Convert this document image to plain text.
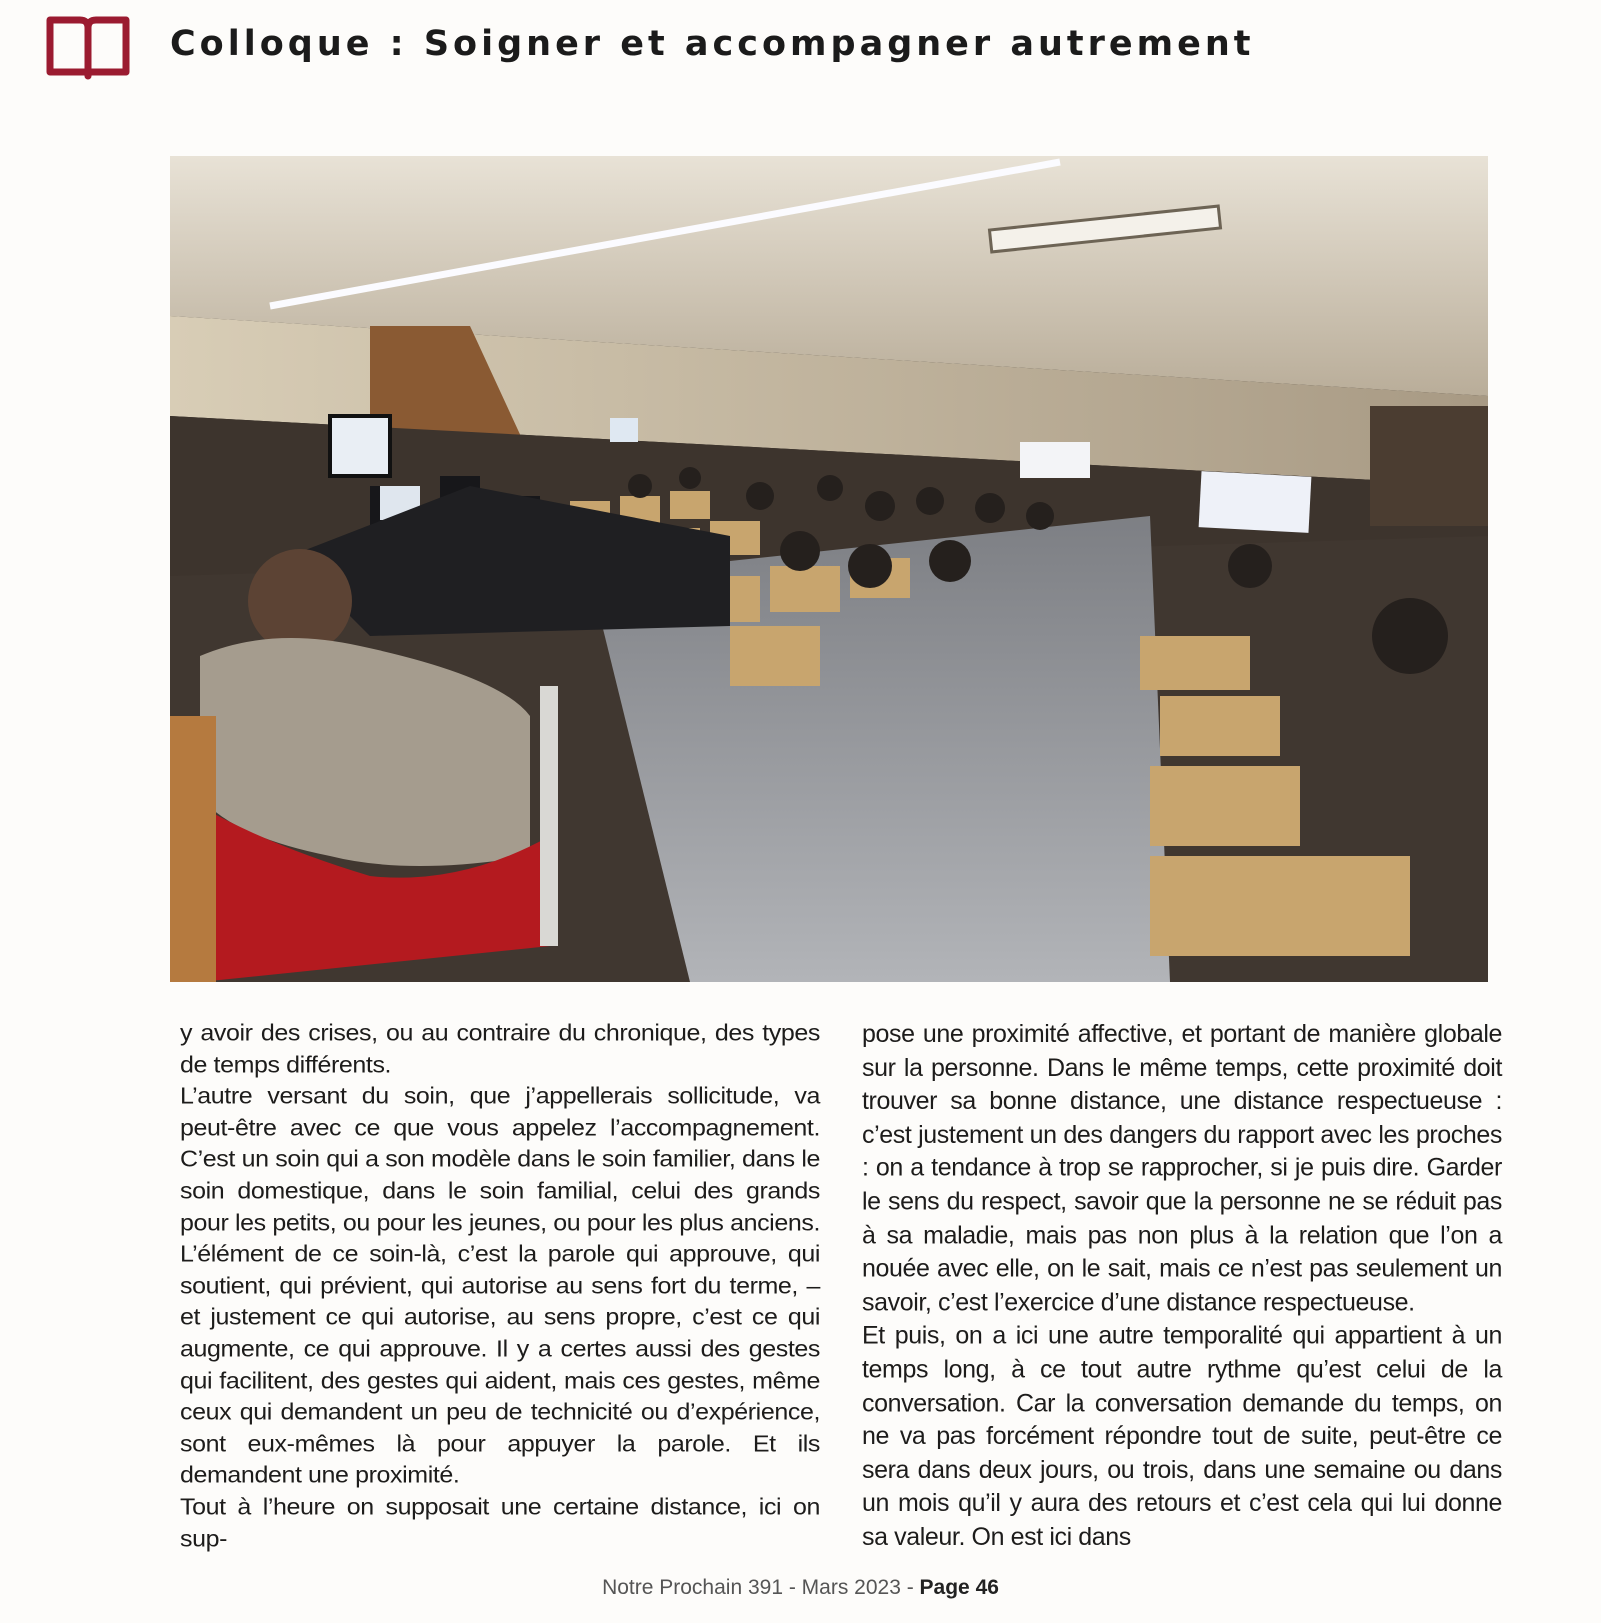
Colloque : Soigner et accompagner autrement

y avoir des crises, ou au contraire du chronique, des types de temps différents.

L’autre versant du soin, que j’appellerais sollicitude, va peut-être avec ce que vous appelez l’accompagnement. C’est un soin qui a son modèle dans le soin familier, dans le soin domestique, dans le soin familial, celui des grands pour les petits, ou pour les jeunes, ou pour les plus anciens. L’élément de ce soin-là, c’est la parole qui approuve, qui soutient, qui prévient, qui autorise au sens fort du terme, – et justement ce qui autorise, au sens propre, c’est ce qui augmente, ce qui approuve. Il y a certes aussi des gestes qui facilitent, des gestes qui aident, mais ces gestes, même ceux qui demandent un peu de technicité ou d’expérience, sont eux-mêmes là pour appuyer la parole. Et ils demandent une proximité.

Tout à l’heure on supposait une certaine distance, ici on sup-

pose une proximité affective, et portant de manière globale sur la personne. Dans le même temps, cette proximité doit trouver sa bonne distance, une distance respectueuse : c’est justement un des dangers du rapport avec les proches : on a tendance à trop se rapprocher, si je puis dire. Garder le sens du respect, savoir que la personne ne se réduit pas à sa maladie, mais pas non plus à la relation que l’on a nouée avec elle, on le sait, mais ce n’est pas seulement un savoir, c’est l’exercice d’une distance respectueuse.

Et puis, on a ici une autre temporalité qui appartient à un temps long, à ce tout autre rythme qu’est celui de la conversation. Car la conversation demande du temps, on ne va pas forcément répondre tout de suite, peut-être ce sera dans deux jours, ou trois, dans une semaine ou dans un mois qu’il y aura des retours et c’est cela qui lui donne sa valeur. On est ici dans

Notre Prochain 391 - Mars 2023 - Page 46
